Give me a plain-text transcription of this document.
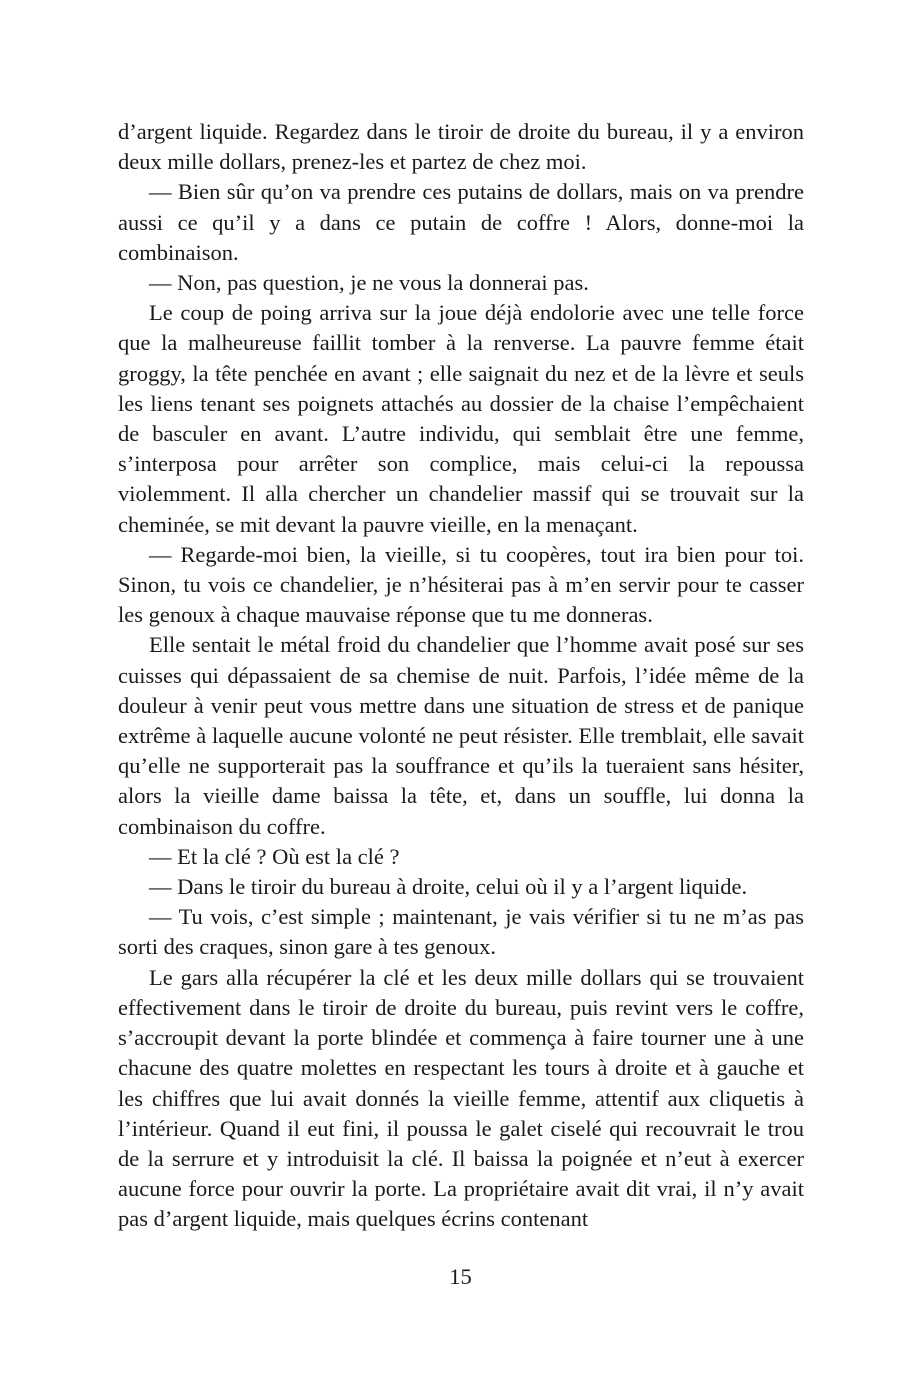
d’argent liquide. Regardez dans le tiroir de droite du bureau, il y a environ deux mille dollars, prenez-les et partez de chez moi.

— Bien sûr qu’on va prendre ces putains de dollars, mais on va prendre aussi ce qu’il y a dans ce putain de coffre ! Alors, donne-moi la combinaison.

— Non, pas question, je ne vous la donnerai pas.

Le coup de poing arriva sur la joue déjà endolorie avec une telle force que la malheureuse faillit tomber à la renverse. La pauvre femme était groggy, la tête penchée en avant ; elle saignait du nez et de la lèvre et seuls les liens tenant ses poignets attachés au dossier de la chaise l’empêchaient de basculer en avant. L’autre individu, qui semblait être une femme, s’interposa pour arrêter son complice, mais celui-ci la repoussa violemment. Il alla chercher un chandelier massif qui se trouvait sur la cheminée, se mit devant la pauvre vieille, en la menaçant.

— Regarde-moi bien, la vieille, si tu coopères, tout ira bien pour toi. Sinon, tu vois ce chandelier, je n’hésiterai pas à m’en servir pour te casser les genoux à chaque mauvaise réponse que tu me donneras.

Elle sentait le métal froid du chandelier que l’homme avait posé sur ses cuisses qui dépassaient de sa chemise de nuit. Parfois, l’idée même de la douleur à venir peut vous mettre dans une situation de stress et de panique extrême à laquelle aucune volonté ne peut résister. Elle tremblait, elle savait qu’elle ne supporterait pas la souffrance et qu’ils la tueraient sans hésiter, alors la vieille dame baissa la tête, et, dans un souffle, lui donna la combinaison du coffre.

— Et la clé ? Où est la clé ?

— Dans le tiroir du bureau à droite, celui où il y a l’argent liquide.

— Tu vois, c’est simple ; maintenant, je vais vérifier si tu ne m’as pas sorti des craques, sinon gare à tes genoux.

Le gars alla récupérer la clé et les deux mille dollars qui se trouvaient effectivement dans le tiroir de droite du bureau, puis revint vers le coffre, s’accroupit devant la porte blindée et commença à faire tourner une à une chacune des quatre molettes en respectant les tours à droite et à gauche et les chiffres que lui avait donnés la vieille femme, attentif aux cliquetis à l’intérieur. Quand il eut fini, il poussa le galet ciselé qui recouvrait le trou de la serrure et y introduisit la clé. Il baissa la poignée et n’eut à exercer aucune force pour ouvrir la porte. La propriétaire avait dit vrai, il n’y avait pas d’argent liquide, mais quelques écrins contenant

15
